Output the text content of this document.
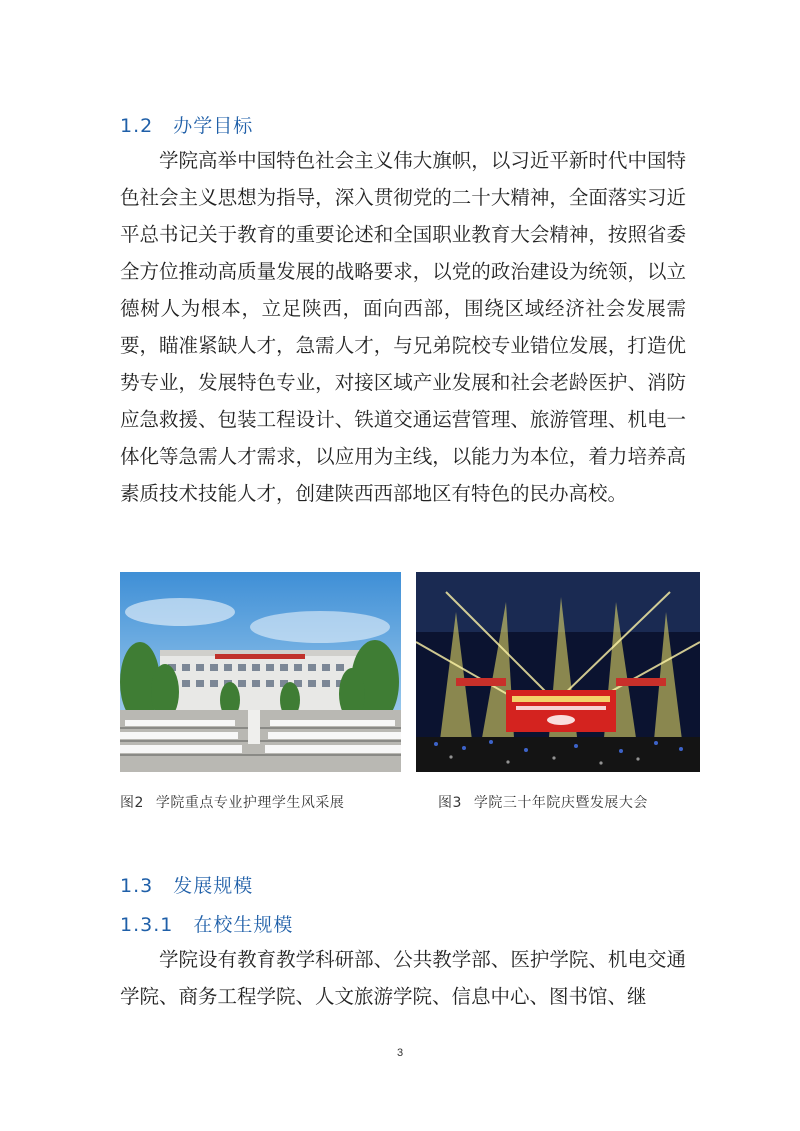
1.2 办学目标
学院高举中国特色社会主义伟大旗帜，以习近平新时代中国特色社会主义思想为指导，深入贯彻党的二十大精神，全面落实习近平总书记关于教育的重要论述和全国职业教育大会精神，按照省委全方位推动高质量发展的战略要求，以党的政治建设为统领，以立德树人为根本，立足陕西，面向西部，围绕区域经济社会发展需要，瞄准紧缺人才，急需人才，与兄弟院校专业错位发展，打造优势专业，发展特色专业，对接区域产业发展和社会老龄医护、消防应急救援、包装工程设计、铁道交通运营管理、旅游管理、机电一体化等急需人才需求，以应用为主线，以能力为本位，着力培养高素质技术技能人才，创建陕西西部地区有特色的民办高校。
图2 学院重点专业护理学生风采展	图3 学院三十年院庆暨发展大会
1.3 发展规模
1.3.1 在校生规模
学院设有教育教学科研部、公共教学部、医护学院、机电交通学院、商务工程学院、人文旅游学院、信息中心、图书馆、继
3
